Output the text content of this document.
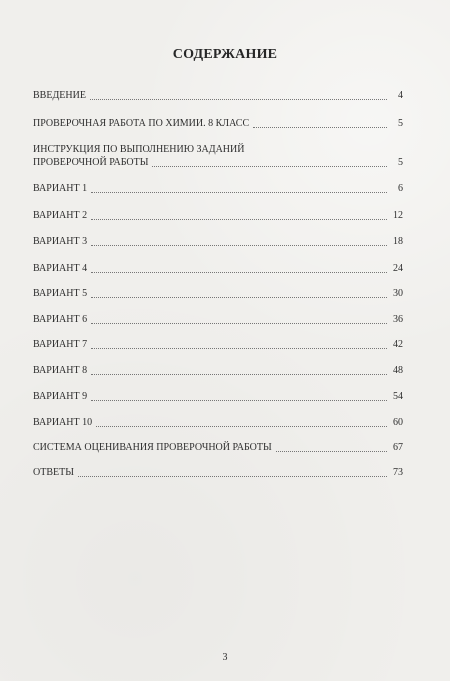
СОДЕРЖАНИЕ
ВВЕДЕНИЕ	4
ПРОВЕРОЧНАЯ РАБОТА ПО ХИМИИ. 8 КЛАСС	5
ИНСТРУКЦИЯ ПО ВЫПОЛНЕНИЮ ЗАДАНИЙ
ПРОВЕРОЧНОЙ РАБОТЫ	5
ВАРИАНТ 1	6
ВАРИАНТ 2	12
ВАРИАНТ 3	18
ВАРИАНТ 4	24
ВАРИАНТ 5	30
ВАРИАНТ 6	36
ВАРИАНТ 7	42
ВАРИАНТ 8	48
ВАРИАНТ 9	54
ВАРИАНТ 10	60
СИСТЕМА ОЦЕНИВАНИЯ ПРОВЕРОЧНОЙ РАБОТЫ	67
ОТВЕТЫ	73
3
